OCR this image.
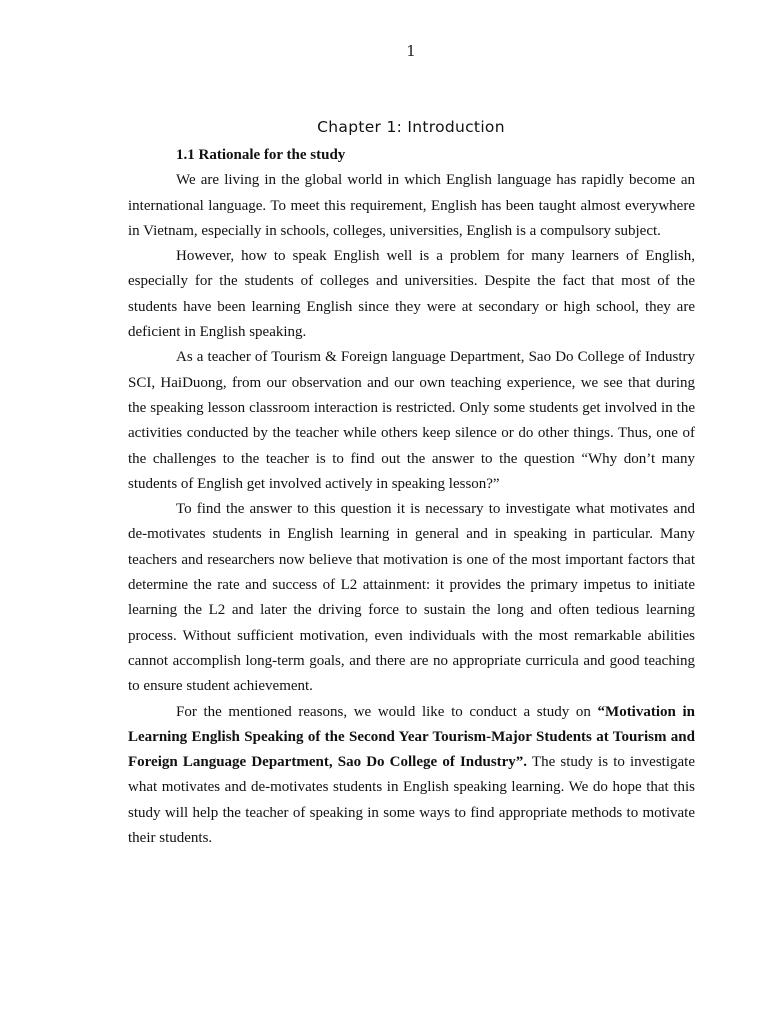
1
Chapter 1: Introduction

1.1 Rationale for the study

We are living in the global world in which English language has rapidly become an international language. To meet this requirement, English has been taught almost everywhere in Vietnam, especially in schools, colleges, universities, English is a compulsory subject.

However, how to speak English well is a problem for many learners of English, especially for the students of colleges and universities. Despite the fact that most of the students have been learning English since they were at secondary or high school, they are deficient in English speaking.

As a teacher of Tourism & Foreign language Department, Sao Do College of Industry SCI, HaiDuong, from our observation and our own teaching experience, we see that during the speaking lesson classroom interaction is restricted. Only some students get involved in the activities conducted by the teacher while others keep silence or do other things. Thus, one of the challenges to the teacher is to find out the answer to the question “Why don’t many students of English get involved actively in speaking lesson?”

To find the answer to this question it is necessary to investigate what motivates and de-motivates students in English learning in general and in speaking in particular. Many teachers and researchers now believe that motivation is one of the most important factors that determine the rate and success of L2 attainment: it provides the primary impetus to initiate learning the L2 and later the driving force to sustain the long and often tedious learning process. Without sufficient motivation, even individuals with the most remarkable abilities cannot accomplish long-term goals, and there are no appropriate curricula and good teaching to ensure student achievement.

For the mentioned reasons, we would like to conduct a study on “Motivation in Learning English Speaking of the Second Year Tourism-Major Students at Tourism and Foreign Language Department, Sao Do College of Industry”. The study is to investigate what motivates and de-motivates students in English speaking learning. We do hope that this study will help the teacher of speaking in some ways to find appropriate methods to motivate their students.
